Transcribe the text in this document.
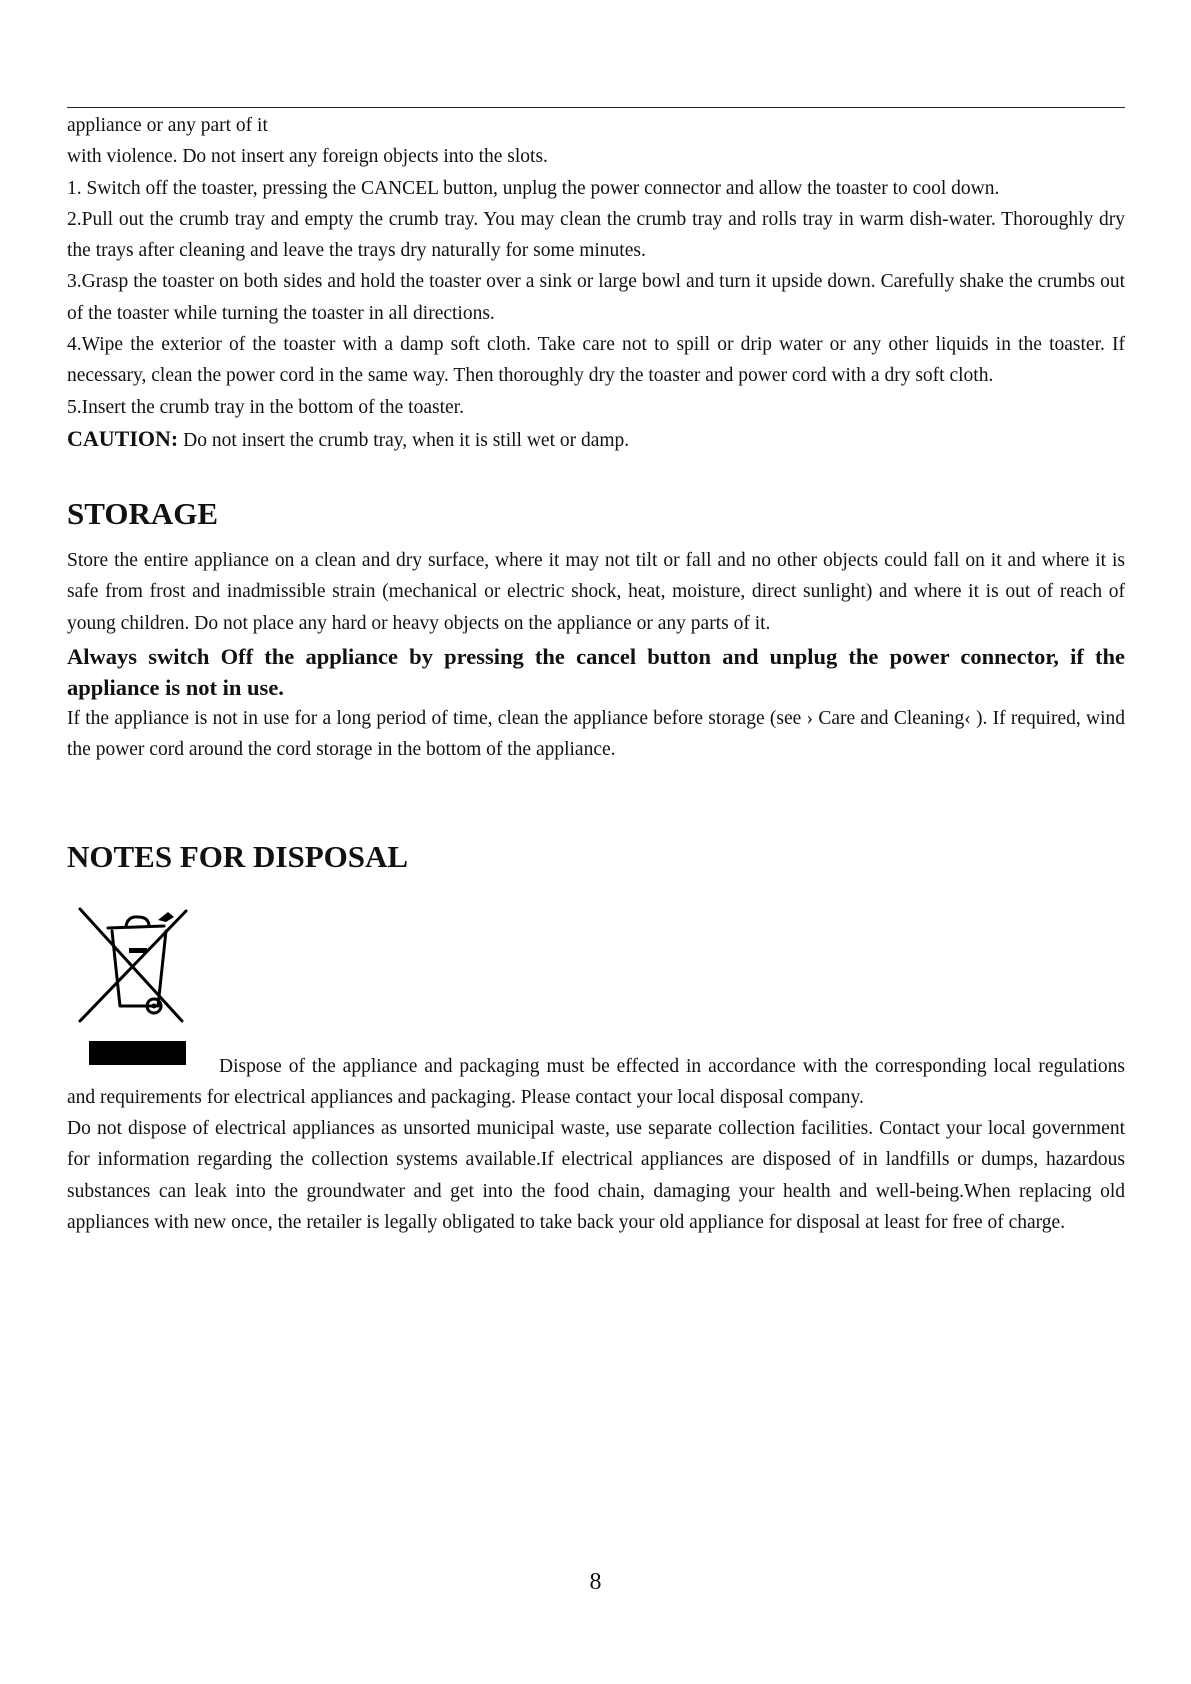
appliance or any part of it
with violence. Do not insert any foreign objects into the slots.
1. Switch off the toaster, pressing the CANCEL button, unplug the power connector and allow the toaster to cool down.
2.Pull out the crumb tray and empty the crumb tray. You may clean the crumb tray and rolls tray in warm dish-water. Thoroughly dry the trays after cleaning and leave the trays dry naturally for some minutes.
3.Grasp the toaster on both sides and hold the toaster over a sink or large bowl and turn it upside down. Carefully shake the crumbs out of the toaster while turning the toaster in all directions.
4.Wipe the exterior of the toaster with a damp soft cloth. Take care not to spill or drip water or any other liquids in the toaster. If necessary, clean the power cord in the same way. Then thoroughly dry the toaster and power cord with a dry soft cloth.
5.Insert the crumb tray in the bottom of the toaster.
CAUTION: Do not insert the crumb tray, when it is still wet or damp.
STORAGE
Store the entire appliance on a clean and dry surface, where it may not tilt or fall and no other objects could fall on it and where it is safe from frost and inadmissible strain (mechanical or electric shock, heat, moisture, direct sunlight) and where it is out of reach of young children. Do not place any hard or heavy objects on the appliance or any parts of it.
Always switch Off the appliance by pressing the cancel button and unplug the power connector, if the appliance is not in use.
If the appliance is not in use for a long period of time, clean the appliance before storage (see › Care and Cleaning‹ ). If required, wind the power cord around the cord storage in the bottom of the appliance.
NOTES FOR DISPOSAL
Dispose of the appliance and packaging must be effected in accordance with the corresponding local regulations and requirements for electrical appliances and packaging. Please contact your local disposal company.
Do not dispose of electrical appliances as unsorted municipal waste, use separate collection facilities. Contact your local government for information regarding the collection systems available.If electrical appliances are disposed of in landfills or dumps, hazardous substances can leak into the groundwater and get into the food chain, damaging your health and well-being.When replacing old appliances with new once, the retailer is legally obligated to take back your old appliance for disposal at least for free of charge.
8
